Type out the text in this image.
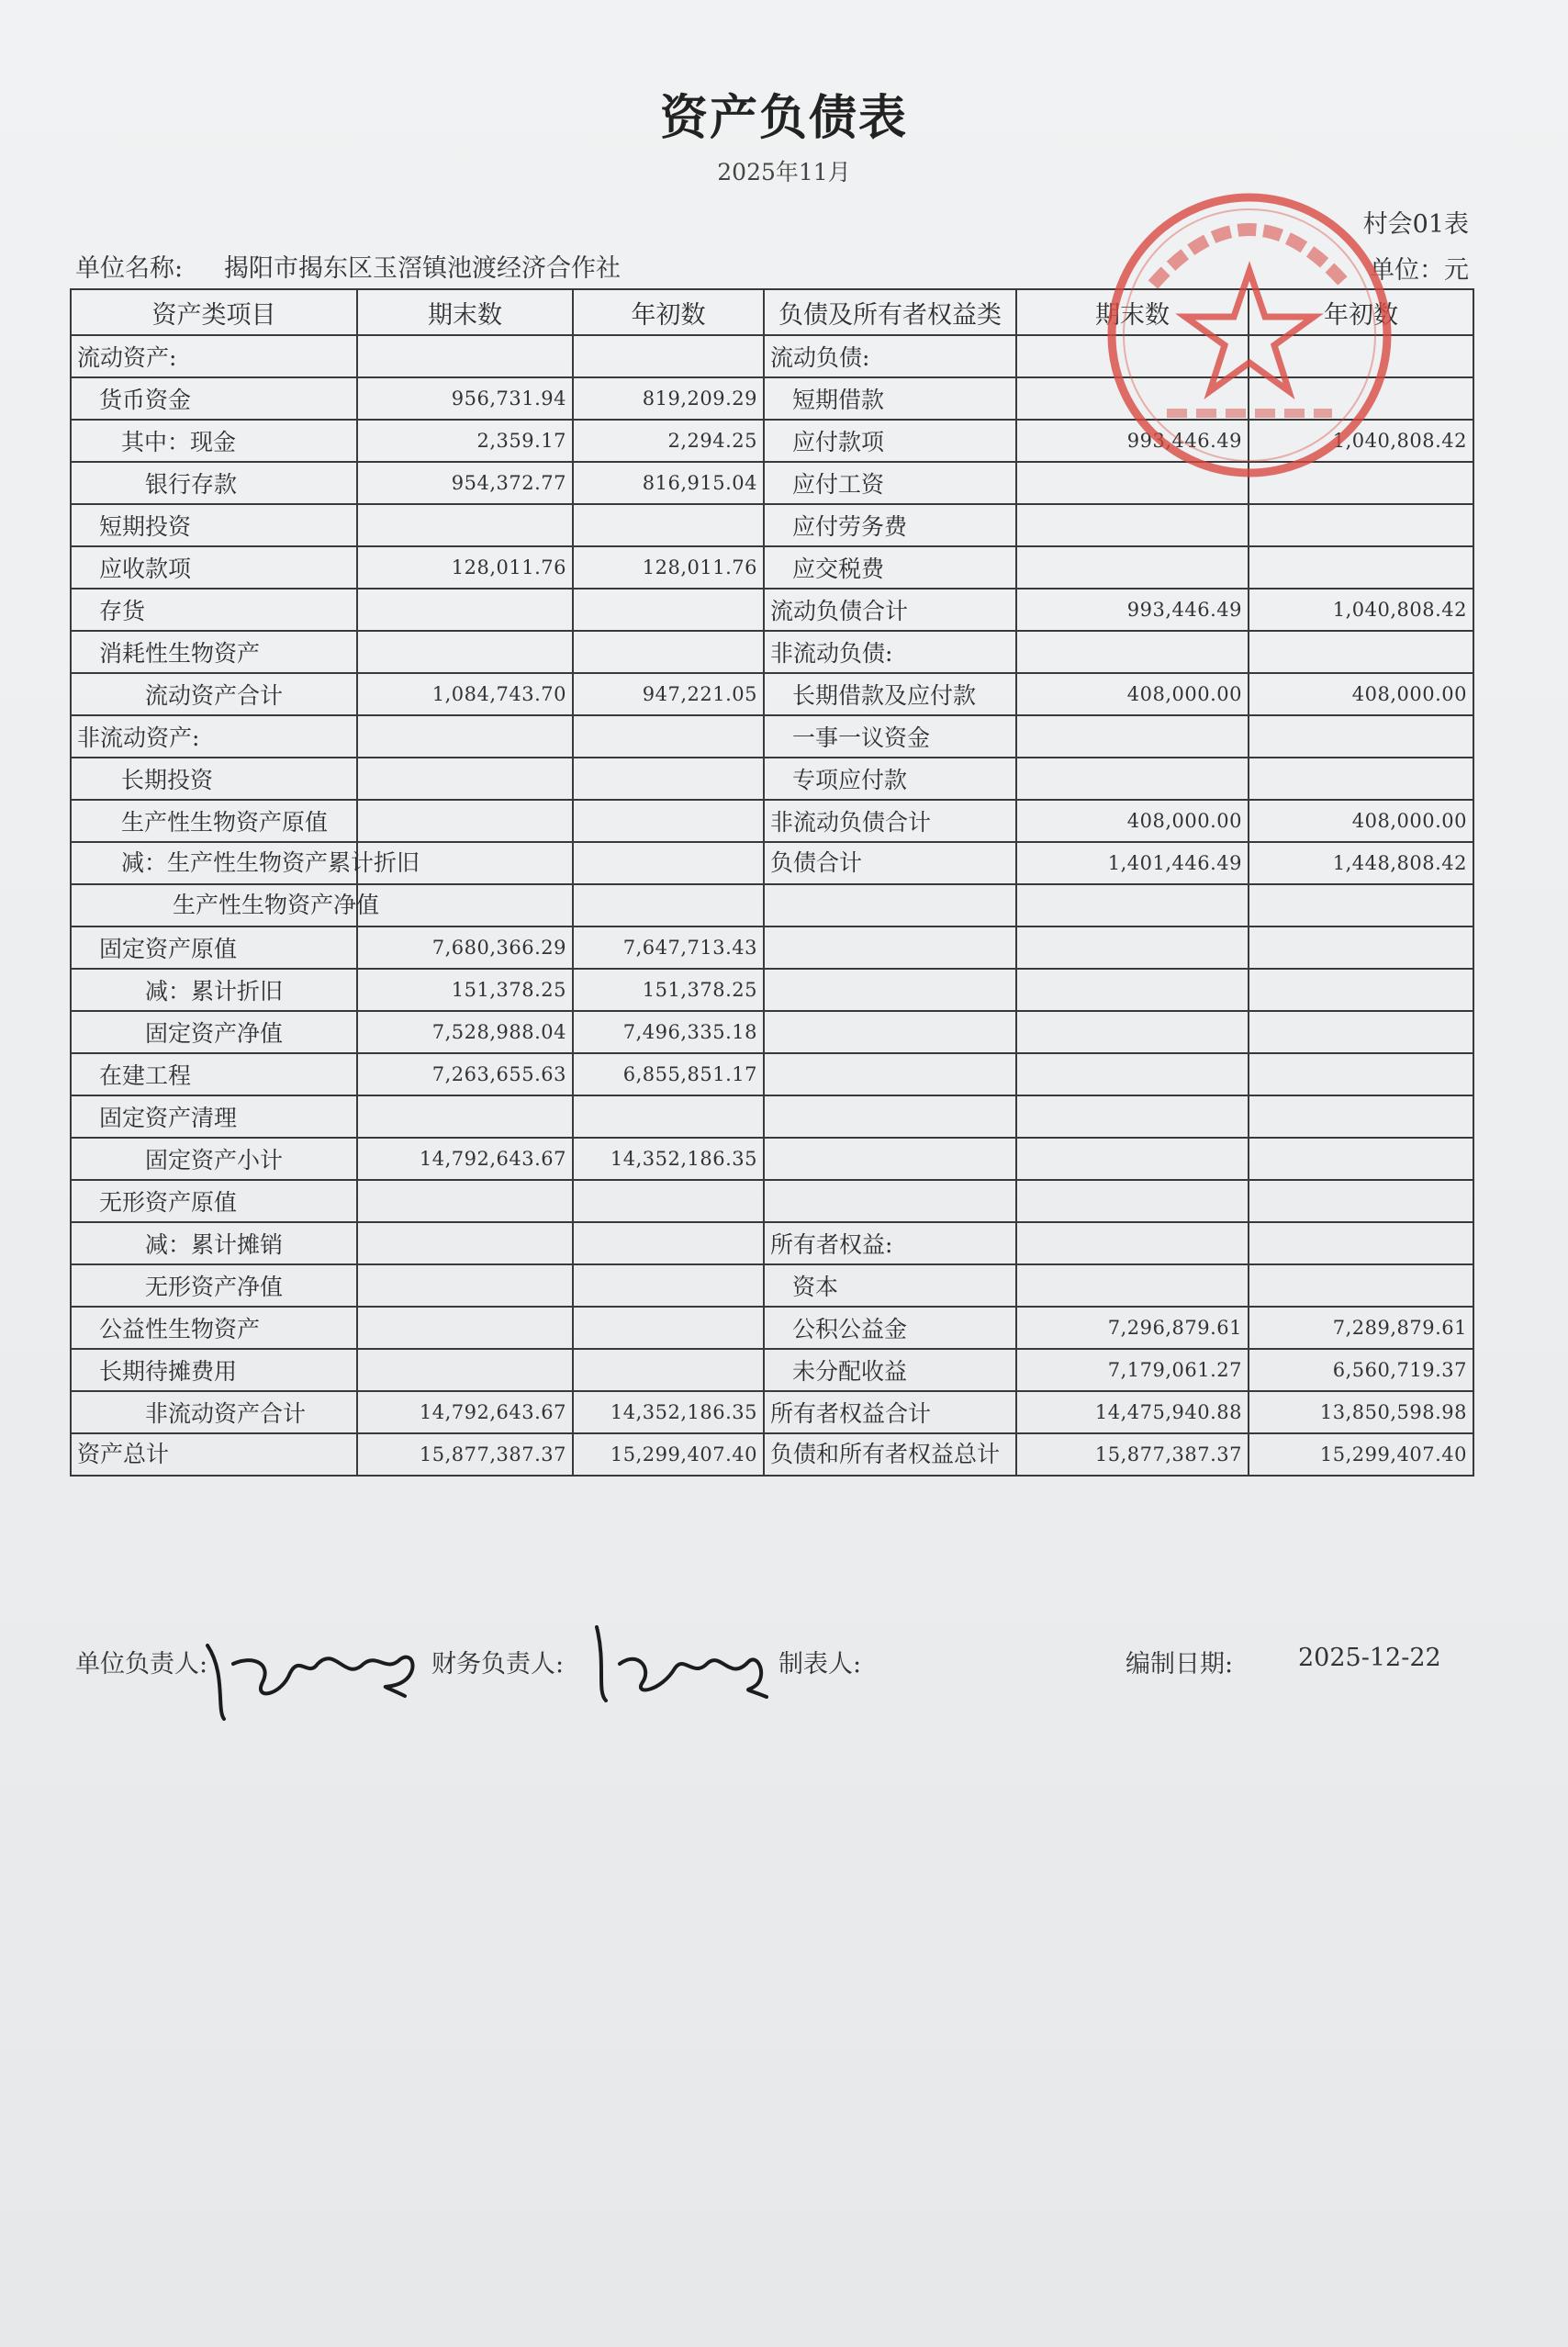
资产负债表
2025年11月
村会01表
单位名称: 揭阳市揭东区玉滘镇池渡经济合作社	单位：元
资产类项目	期末数	年初数	负债及所有者权益类	期末数	年初数
流动资产:			流动负债:		
货币资金	956,731.94	819,209.29	短期借款		
其中：现金	2,359.17	2,294.25	应付款项	993,446.49	1,040,808.42
银行存款	954,372.77	816,915.04	应付工资		
短期投资			应付劳务费		
应收款项	128,011.76	128,011.76	应交税费		
存货			流动负债合计	993,446.49	1,040,808.42
消耗性生物资产			非流动负债:		
流动资产合计	1,084,743.70	947,221.05	长期借款及应付款	408,000.00	408,000.00
非流动资产:			一事一议资金		
长期投资			专项应付款		
生产性生物资产原值			非流动负债合计	408,000.00	408,000.00
减：生产性生物资产累计折旧			负债合计	1,401,446.49	1,448,808.42
生产性生物资产净值					
固定资产原值	7,680,366.29	7,647,713.43			
减：累计折旧	151,378.25	151,378.25			
固定资产净值	7,528,988.04	7,496,335.18			
在建工程	7,263,655.63	6,855,851.17			
固定资产清理					
固定资产小计	14,792,643.67	14,352,186.35			
无形资产原值					
减：累计摊销			所有者权益:		
无形资产净值			资本		
公益性生物资产			公积公益金	7,296,879.61	7,289,879.61
长期待摊费用			未分配收益	7,179,061.27	6,560,719.37
非流动资产合计	14,792,643.67	14,352,186.35	所有者权益合计	14,475,940.88	13,850,598.98
资产总计	15,877,387.37	15,299,407.40	负债和所有者权益总计	15,877,387.37	15,299,407.40
单位负责人:	财务负责人:	制表人:	编制日期:	2025-12-22
